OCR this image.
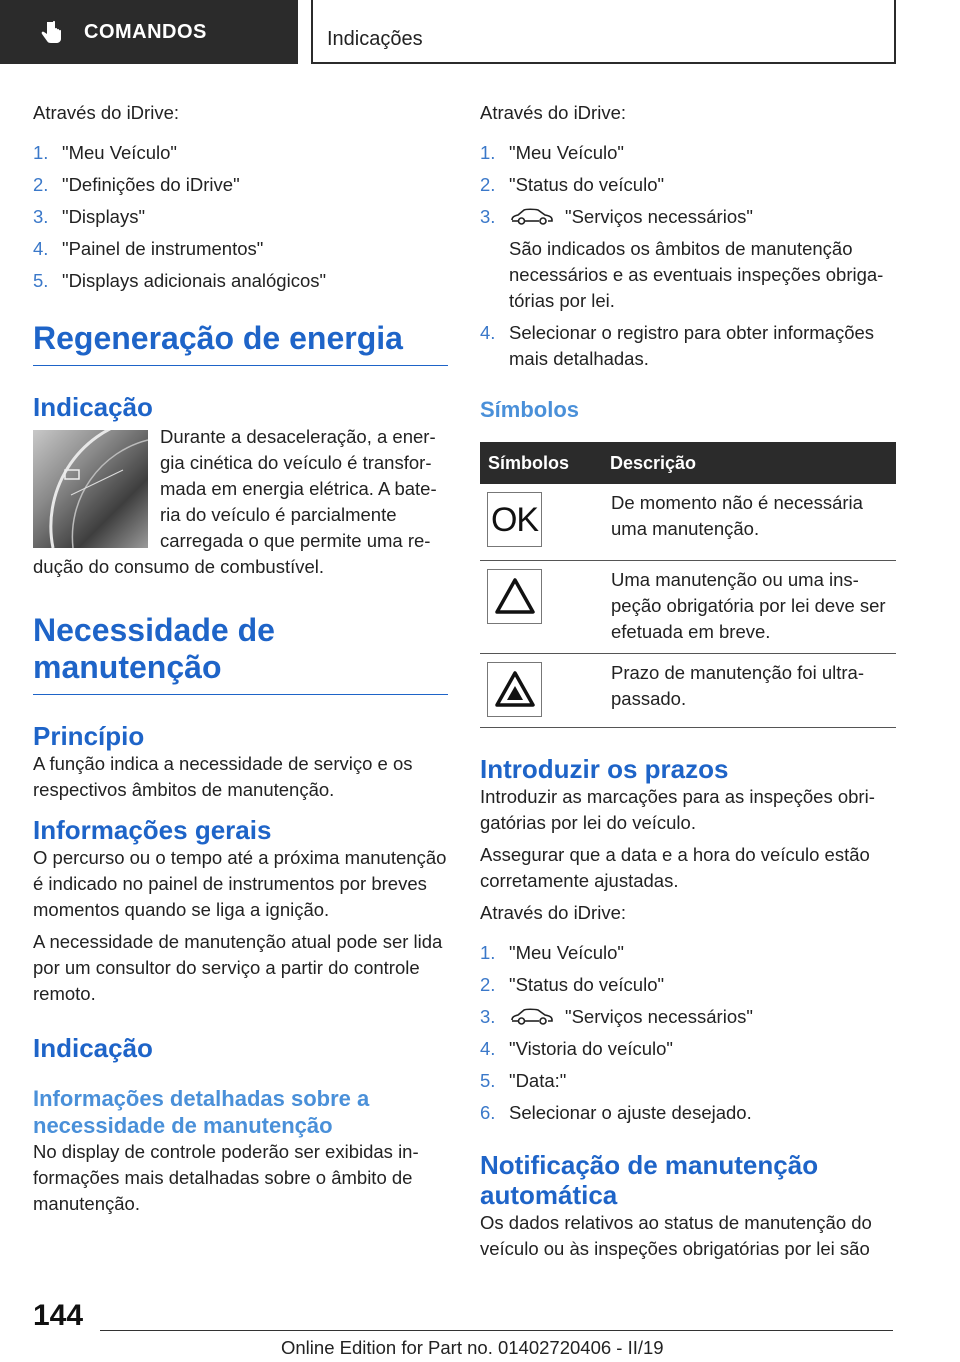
COMANDOS	Indicações

Através do iDrive:

1. "Meu Veículo"
2. "Definições do iDrive"
3. "Displays"
4. "Painel de instrumentos"
5. "Displays adicionais analógicos"
Regeneração de energia
Indicação

Durante a desaceleração, a energia cinética do veículo é transformada em energia elétrica. A bateria do veículo é parcialmente carregada o que permite uma redução do consumo de combustível.

Necessidade de manutenção
Princípio

A função indica a necessidade de serviço e os respectivos âmbitos de manutenção.

Informações gerais

O percurso ou o tempo até a próxima manutenção é indicado no painel de instrumentos por breves momentos quando se liga a ignição.

A necessidade de manutenção atual pode ser lida por um consultor do serviço a partir do controle remoto.

Indicação
Informações detalhadas sobre a necessidade de manutenção

No display de controle poderão ser exibidas informações mais detalhadas sobre o âmbito de manutenção.

Através do iDrive:

1. "Meu Veículo"
2. "Status do veículo"
3.	"Serviços necessários"

São indicados os âmbitos de manutenção necessários e as eventuais inspeções obrigatórias por lei.

4. Selecionar o registro para obter informações mais detalhadas.
Símbolos
Símbolos	Descrição

OK	De momento não é necessária uma manutenção.

	Uma manutenção ou uma inspeção obrigatória por lei deve ser efetuada em breve.

	Prazo de manutenção foi ultrapassado.
Introduzir os prazos

Introduzir as marcações para as inspeções obrigatórias por lei do veículo.

Assegurar que a data e a hora do veículo estão corretamente ajustadas.

Através do iDrive:

1. "Meu Veículo"
2. "Status do veículo"
3.	"Serviços necessários"
4. "Vistoria do veículo"
5. "Data:"
6. Selecionar o ajuste desejado.
Notificação de manutenção automática

Os dados relativos ao status de manutenção do veículo ou às inspeções obrigatórias por lei são

144
Online Edition for Part no. 01402720406 - II/19
